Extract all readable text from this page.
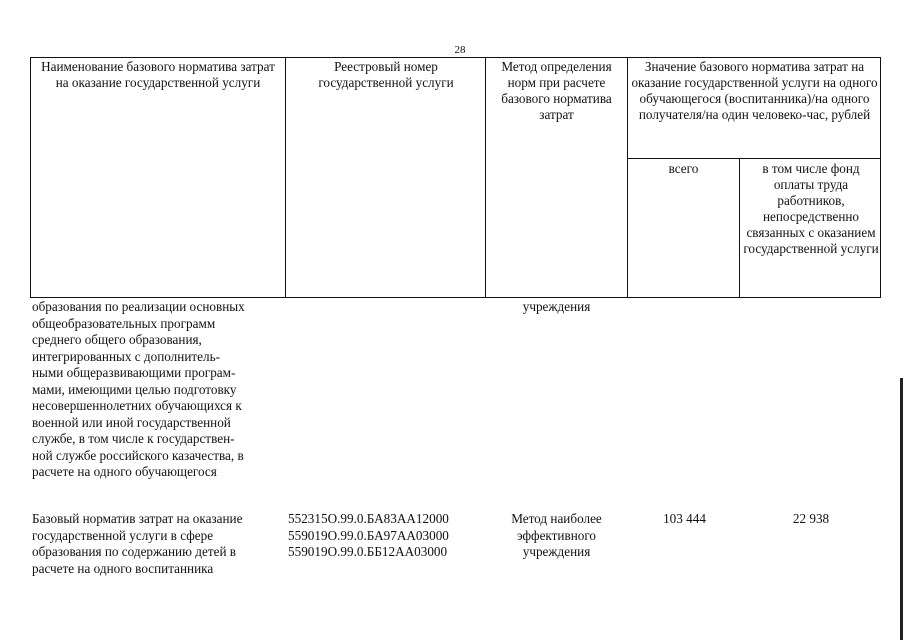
28
Наименование базового норматива затрат на оказание государственной услуги
Реестровый номер государственной услуги
Метод определения норм при расчете базового норматива затрат
Значение базового норматива затрат на оказание государственной услуги на одного обучающегося (воспитанника)/на одного получателя/на один человеко-час, рублей
всего	в том числе фонд оплаты труда работников, непосредственно связанных с оказанием государственной услуги
образования по реализации основных
общеобразовательных программ
среднего общего образования,
интегрированных с дополнитель-
ными общеразвивающими програм-
мами, имеющими целью подготовку
несовершеннолетних обучающихся к
военной или иной государственной
службе, в том числе к государствен-
ной службе российского казачества, в
расчете на одного обучающегося
учреждения
Базовый норматив затрат на оказание
государственной услуги в сфере
образования по содержанию детей в
расчете на одного воспитанника
552315О.99.0.БА83АА12000
559019О.99.0.БА97АА03000
559019О.99.0.ББ12АА03000
Метод наиболее
эффективного
учреждения
103 444	22 938
